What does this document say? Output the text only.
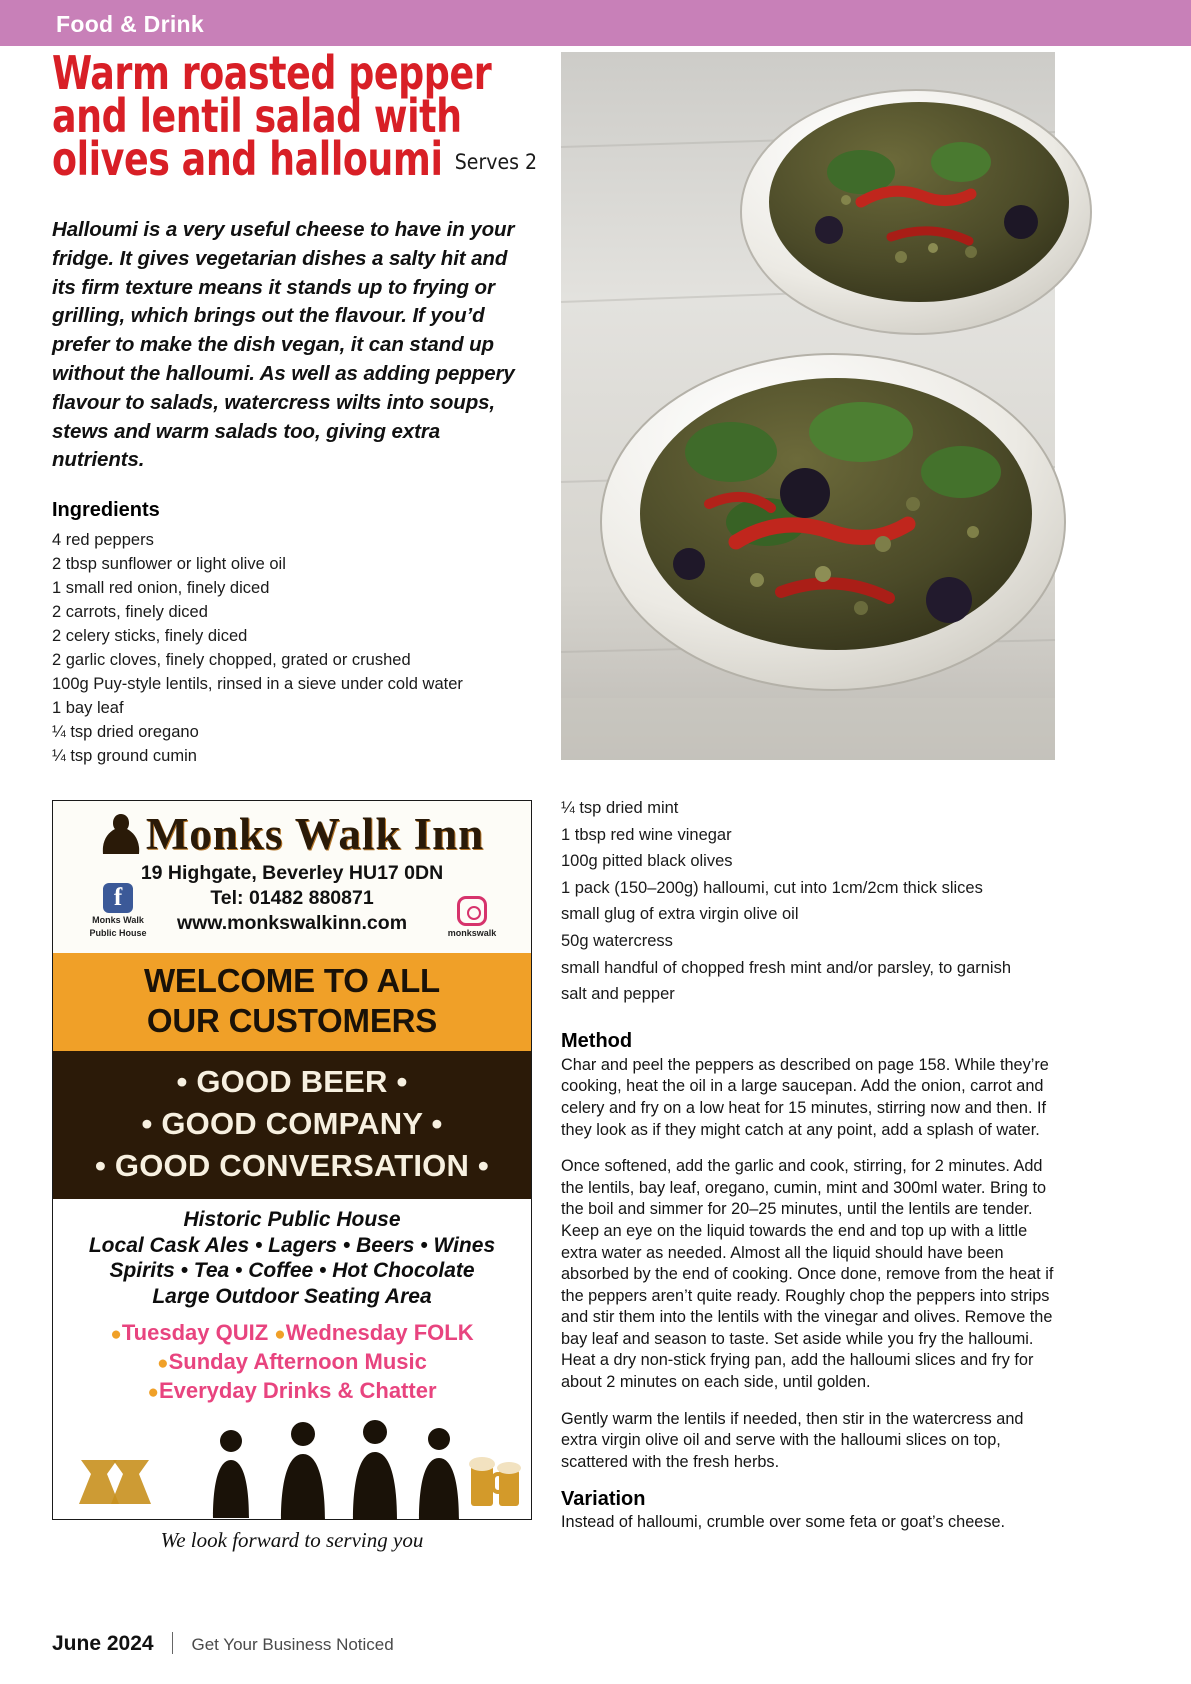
Food & Drink
Warm roasted pepper
and lentil salad with
olives and halloumi Serves 2
Halloumi is a very useful cheese to have in your fridge. It gives vegetarian dishes a salty hit and its firm texture means it stands up to frying or grilling, which brings out the flavour. If you’d prefer to make the dish vegan, it can stand up without the halloumi. As well as adding peppery flavour to salads, watercress wilts into soups, stews and warm salads too, giving extra nutrients.
Ingredients
4 red peppers
2 tbsp sunflower or light olive oil
1 small red onion, finely diced
2 carrots, finely diced
2 celery sticks, finely diced
2 garlic cloves, finely chopped, grated or crushed
100g Puy-style lentils, rinsed in a sieve under cold water
1 bay leaf
¼ tsp dried oregano
¼ tsp ground cumin
¼ tsp dried mint
1 tbsp red wine vinegar
100g pitted black olives
1 pack (150–200g) halloumi, cut into 1cm/2cm thick slices
small glug of extra virgin olive oil
50g watercress
small handful of chopped fresh mint and/or parsley, to garnish
salt and pepper
Method

Char and peel the peppers as described on page 158. While they’re cooking, heat the oil in a large saucepan. Add the onion, carrot and celery and fry on a low heat for 15 minutes, stirring now and then. If they look as if they might catch at any point, add a splash of water.

Once softened, add the garlic and cook, stirring, for 2 minutes. Add the lentils, bay leaf, oregano, cumin, mint and 300ml water. Bring to the boil and simmer for 20–25 minutes, until the lentils are tender. Keep an eye on the liquid towards the end and top up with a little extra water as needed. Almost all the liquid should have been absorbed by the end of cooking. Once done, remove from the heat if the peppers aren’t quite ready. Roughly chop the peppers into strips and stir them into the lentils with the vinegar and olives. Remove the bay leaf and season to taste. Set aside while you fry the halloumi. Heat a dry non-stick frying pan, add the halloumi slices and fry for about 2 minutes on each side, until golden.

Gently warm the lentils if needed, then stir in the watercress and extra virgin olive oil and serve with the halloumi slices on top, scattered with the fresh herbs.

Variation

Instead of halloumi, crumble over some feta or goat’s cheese.

Monks Walk Inn
19 Highgate, Beverley HU17 0DN
Tel: 01482 880871
www.monkswalkinn.com
f
Monks Walk
Public House	monkswalk
WELCOME TO ALL
OUR CUSTOMERS
• GOOD BEER •
• GOOD COMPANY •
• GOOD CONVERSATION •
Historic Public House
Local Cask Ales • Lagers • Beers • Wines
Spirits • Tea • Coffee • Hot Chocolate
Large Outdoor Seating Area
●Tuesday QUIZ ●Wednesday FOLK
●Sunday Afternoon Music
●Everyday Drinks & Chatter
We look forward to serving you
June 2024 Get Your Business Noticed
